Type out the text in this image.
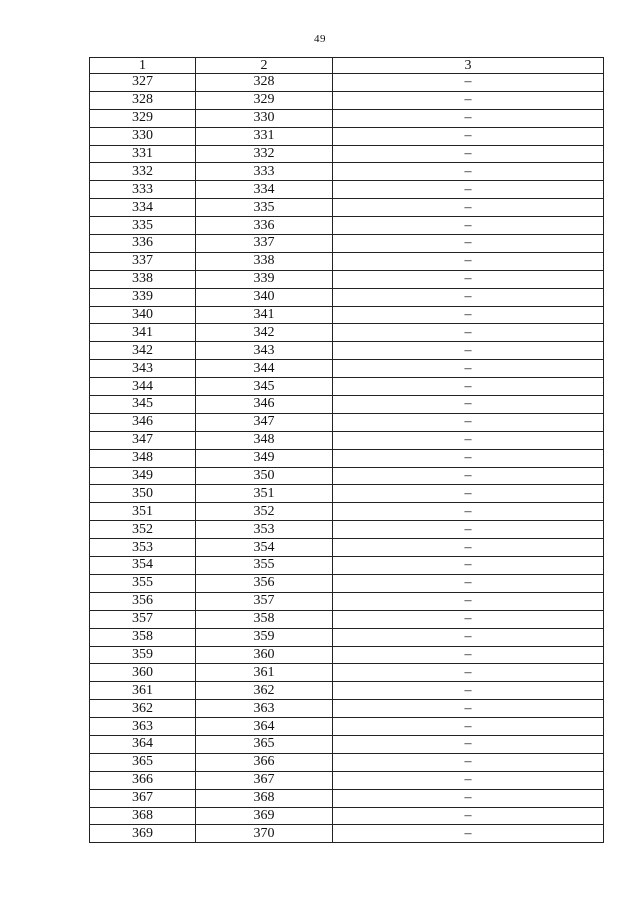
49
1	2	3
327	328	–
328	329	–
329	330	–
330	331	–
331	332	–
332	333	–
333	334	–
334	335	–
335	336	–
336	337	–
337	338	–
338	339	–
339	340	–
340	341	–
341	342	–
342	343	–
343	344	–
344	345	–
345	346	–
346	347	–
347	348	–
348	349	–
349	350	–
350	351	–
351	352	–
352	353	–
353	354	–
354	355	–
355	356	–
356	357	–
357	358	–
358	359	–
359	360	–
360	361	–
361	362	–
362	363	–
363	364	–
364	365	–
365	366	–
366	367	–
367	368	–
368	369	–
369	370	–
